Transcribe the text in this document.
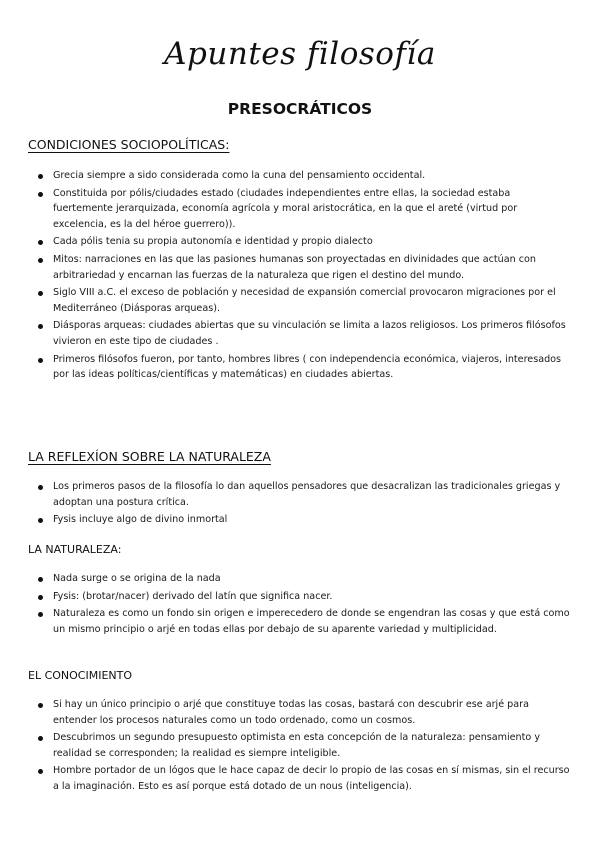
Apuntes filosofía
PRESOCRÁTICOS
CONDICIONES SOCIOPOLÍTICAS:
Grecia siempre a sido considerada como la cuna del pensamiento occidental.
Constituida por pólis/ciudades estado (ciudades independientes entre ellas, la sociedad estaba fuertemente jerarquizada, economía agrícola y moral aristocrática, en la que el areté (virtud por excelencia, es la del héroe guerrero)).
Cada pólis tenia su propia autonomía e identidad y propio dialecto
Mitos: narraciones en las que las pasiones humanas son proyectadas en divinidades que actúan con arbitrariedad y encarnan las fuerzas de la naturaleza que rigen el destino del mundo.
Siglo VIII a.C. el exceso de población y necesidad de expansión comercial provocaron migraciones por el Mediterráneo (Diásporas arqueas).
Diásporas arqueas: ciudades abiertas que su vinculación se limita a lazos religiosos. Los primeros filósofos vivieron en este tipo de ciudades .
Primeros filósofos fueron, por tanto, hombres libres ( con independencia económica, viajeros, interesados por las ideas políticas/científicas y matemáticas) en ciudades abiertas.
LA REFLEXÍON SOBRE LA NATURALEZA
Los primeros pasos de la filosofía lo dan aquellos pensadores que desacralizan las tradicionales griegas y adoptan una postura crítica.
Fysis incluye algo de divino inmortal
LA NATURALEZA:
Nada surge o se origina de la nada
Fysis: (brotar/nacer) derivado del latín que significa nacer.
Naturaleza es como un fondo sin origen e imperecedero de donde se engendran las cosas y que está como un mismo principio o arjé en todas ellas por debajo de su aparente variedad y multiplicidad.
EL CONOCIMIENTO
Si hay un único principio o arjé que constituye todas las cosas, bastará con descubrir ese arjé para entender los procesos naturales como un todo ordenado, como un cosmos.
Descubrimos un segundo presupuesto optimista en esta concepción de la naturaleza: pensamiento y realidad se corresponden; la realidad es siempre inteligible.
Hombre portador de un lógos que le hace capaz de decir lo propio de las cosas en sí mismas, sin el recurso a la imaginación. Esto es así porque está dotado de un nous (inteligencia).
